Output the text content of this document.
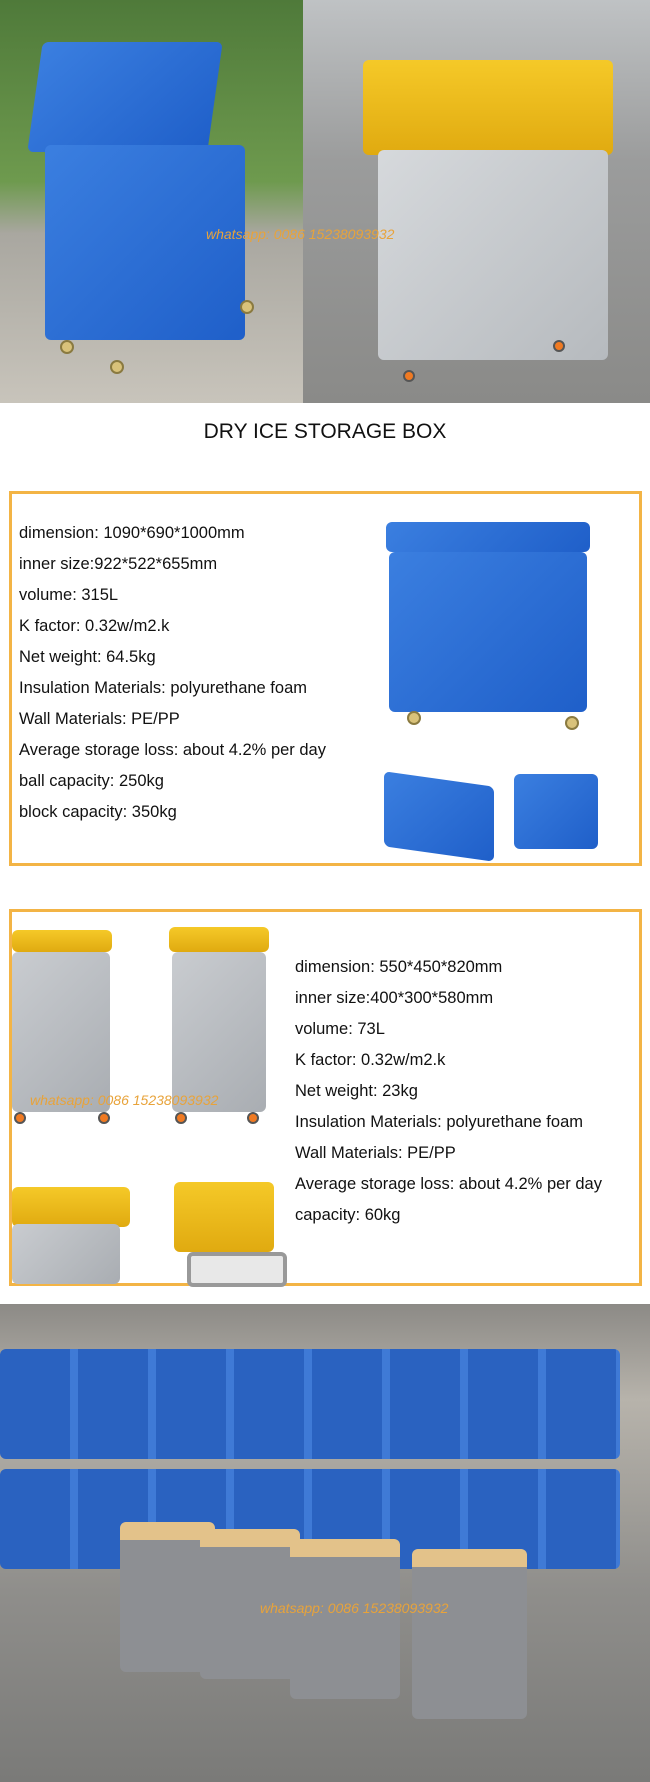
whatsapp: 0086 15238093932
DRY ICE STORAGE BOX
dimension: 1090*690*1000mm
inner size:922*522*655mm
volume: 315L
K factor: 0.32w/m2.k
Net weight: 64.5kg
Insulation Materials: polyurethane foam
Wall Materials: PE/PP
Average storage loss: about 4.2% per day
ball capacity: 250kg
block capacity: 350kg
whatsapp: 0086 15238093932
dimension: 550*450*820mm
inner size:400*300*580mm
volume: 73L
K factor: 0.32w/m2.k
Net weight: 23kg
Insulation Materials: polyurethane foam
Wall Materials: PE/PP
Average storage loss: about 4.2% per day
capacity: 60kg
whatsapp: 0086 15238093932
